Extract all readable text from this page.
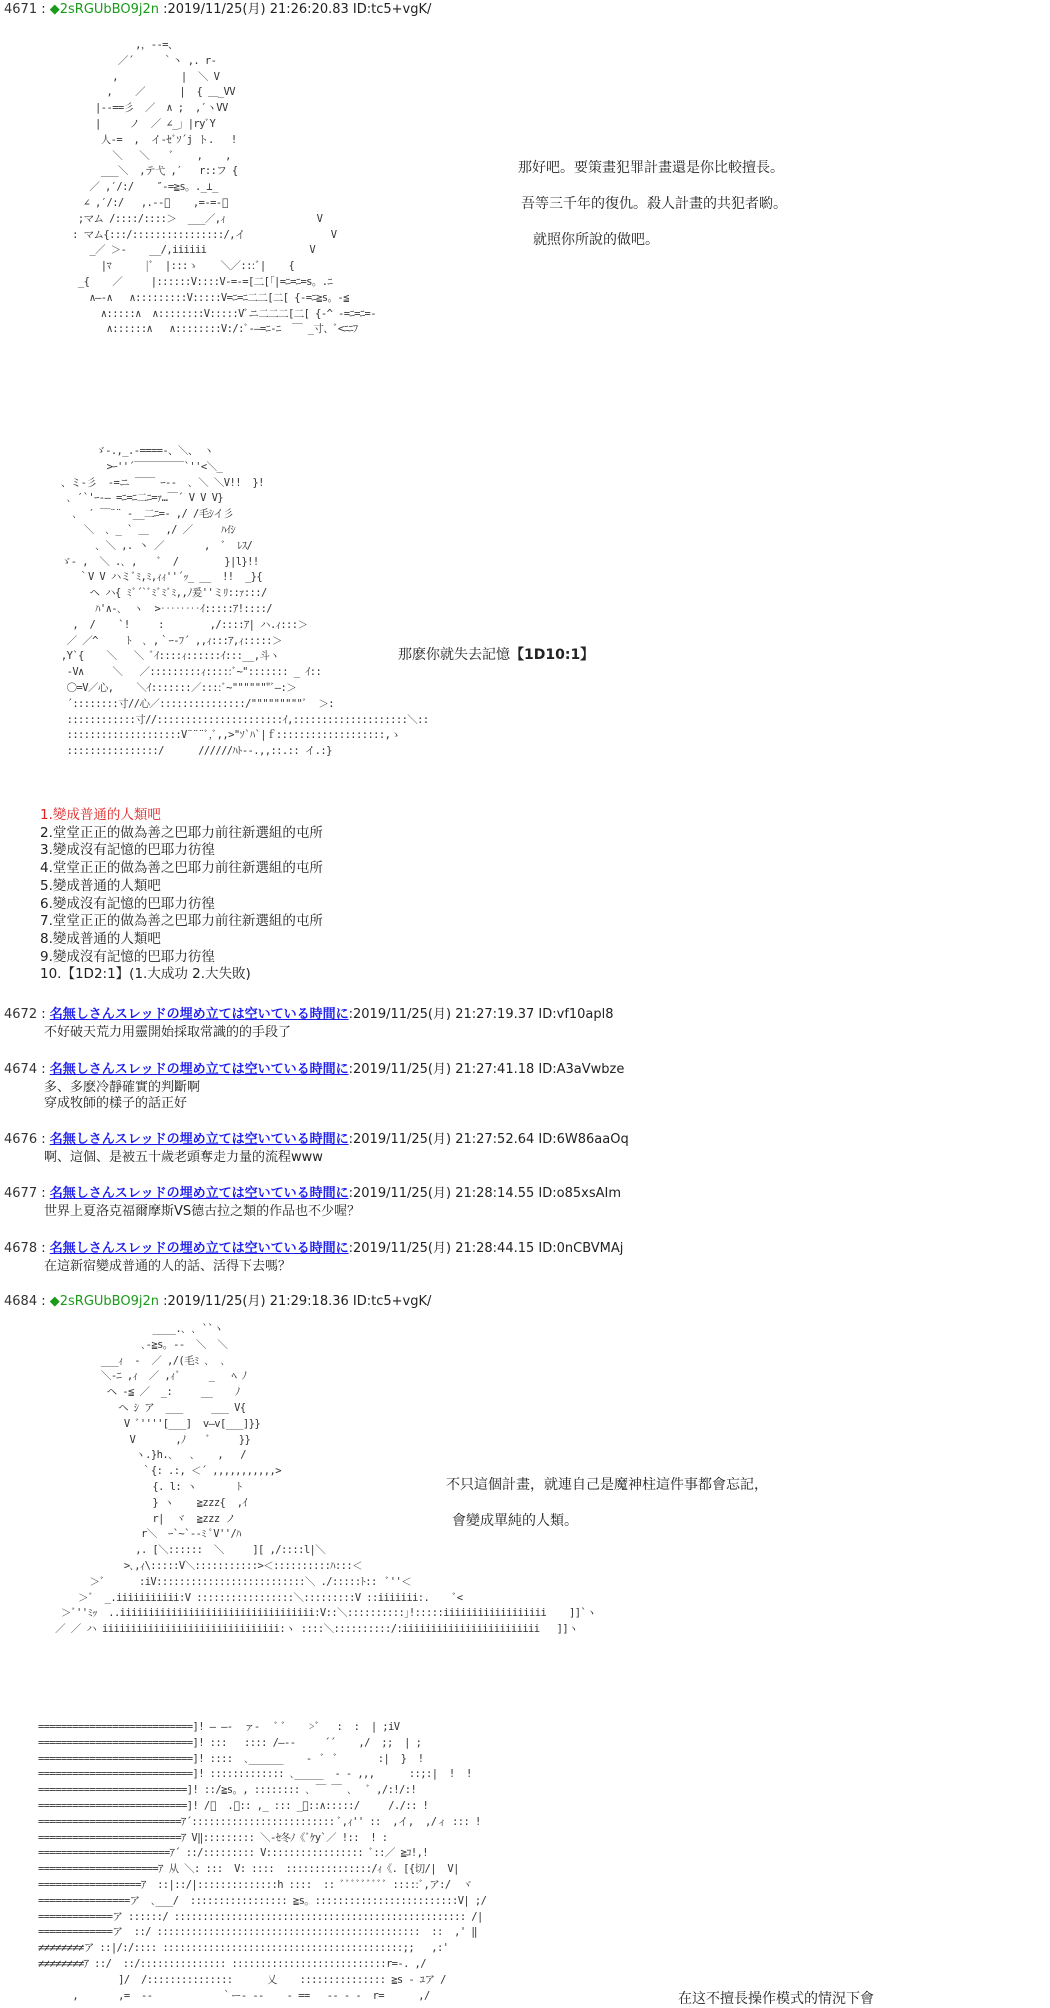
4671 : ◆2sRGUbBO9j2n :2019/11/25(月) 21:26:20.83 ID:tc5+vgK/
,，-‐=、
／´     ｀丶 ,. r‐
,           |  ＼ V
,    ／      |  { ＿_VV
|‐-==彡  ／  ∧ ;  ,′ヽVV
|     ノ  ／ ∠_」|ryﾞY
人-=  ,  イ-ｾﾞｿ´j ト.   !
＼   ＼    ﾞ    ,    ,
___＼  ,テ弋 ,′   r::フ {
／ ,′/:/    ″‐=≧s。._⊥_
∠ ,′/:/   ,.-‐ﾟ    ,=-=-ﾞ
;マム /::::/::::＞  ___／,ｨ                V
: マム{:::/::::::::::::::::/,イ               V
_／ ＞‐    __/,iiiiii                  V
|ﾏ      |ﾞ  |:::ゝ    ＼／:::ﾞ|    {
_{    ／     |::::::V::::V-=-=[二[「|=ﾆ=ﾆ=s。.ﾆ
∧―‐∧   ∧:::::::::V:::::V=ﾆ=ﾆ二二[二[ {-=ﾆ≧s。-≦
∧:::::∧  ∧::::::::V:::::Vﾞニ二二二[二[ {-^ -=ﾆ=ﾆ=-
∧::::::∧   ∧::::::::V:/:ﾞ‐―=ﾆ-ﾆ  ￣ _寸、ﾞ<ﾆﾆﾌ
那好吧。要策畫犯罪計畫還是你比較擅長。
吾等三千年的復仇。殺人計畫的共犯者喲。
就照你所說的做吧。
ゞ‐.,_.-====-、＼、 ヽ
>ｰ''´￣￣￣￣￣`''<＼_
、ミ‐彡  ‐=ニ ￣￣ ｰ‐-  ､ ＼ ＼V!!  }!
､ ′`'ｰ‐― =ﾆ=ﾆ二ﾆ=ｧ…￣´ V V V}
､  ′ ￣¨¨ ‐__二ﾆ=‐ ,/ /毛ｼイ彡
＼  ､ _ ` ＿   ,/ ／     ﾊｲｼ
､ ＼ ,. 丶 ／       ,  ﾞ  ﾚｽ/
ゞ‐ ,  ＼ .､ ,    ﾞ  /        }|l}!!
｀V V ハミﾞﾐ,ﾐ,ｨｨ''´ｯ_ __  !!  _}{
ヘ ハ{ ﾐﾞ´`ﾞﾐﾞﾐﾞﾐ,,ﾉ爰''ミﾘ::ｧ:::/
ﾊ'∧-､  ヽ  >‥‥‥‥ｲ:::::ｱ!::::/
,  /    `!     :        ,/::::ｱ| ハ.ｨ:::＞
／ ／^     ﾄ  ､ ,｀ｰ-ﾌ´ ,,ｨ:::ｱ,ｨ:::::＞
,Y`{    ＼   ＼ ﾞｲ::::ｨ::::::ｲ:::__,斗ヽ
-V∧     ＼   ／:::::::::ｨ:::::ﾞ~"::::::: _ ｲ::
〇=V／心,    ＼ｲ:::::::／::::ﾞ~"""""""ﾞ―:＞
´::::::::寸//心／:::::::::::::::/"""""""""ﾞ  ＞:
::::::::::::寸//::::::::::::::::::::::ｲ,::::::::::::::::::::＼::
::::::::::::::::::::V¨¨¨ﾞ,ﾞ,,>"ｿ`ﾊ`|ｆ:::::::::::::::::::,ゝ
::::::::::::::::/      //////ﾊﾄ‐-.,,::.:: イ.:}
那麽你就失去記憶【1D10:1】
1.變成普通的人類吧
2.堂堂正正的做為善之巴耶力前往新選組的屯所
3.變成沒有記憶的巴耶力彷徨
4.堂堂正正的做為善之巴耶力前往新選組的屯所
5.變成普通的人類吧
6.變成沒有記憶的巴耶力彷徨
7.堂堂正正的做為善之巴耶力前往新選組的屯所
8.變成普通的人類吧
9.變成沒有記憶的巴耶力彷徨
10.【1D2:1】(1.大成功 2.大失敗)
4672 : 名無しさんスレッドの埋め立ては空いている時間に:2019/11/25(月) 21:27:19.37 ID:vf10apl8
不好破天荒力用靈開始採取常識的的手段了
4674 : 名無しさんスレッドの埋め立ては空いている時間に:2019/11/25(月) 21:27:41.18 ID:A3aVwbze
多、多麽冷靜確實的判斷啊
穿成牧師的樣子的話正好
4676 : 名無しさんスレッドの埋め立ては空いている時間に:2019/11/25(月) 21:27:52.64 ID:6W86aaOq
啊、這個、是被五十歲老頭奪走力量的流程www
4677 : 名無しさんスレッドの埋め立ては空いている時間に:2019/11/25(月) 21:28:14.55 ID:o85xsAIm
世界上夏洛克福爾摩斯VS德古拉之類的作品也不少喔？
4678 : 名無しさんスレッドの埋め立ては空いている時間に:2019/11/25(月) 21:28:44.15 ID:0nCBVMAj
在這新宿變成普通的人的話、活得下去嗎？
4684 : ◆2sRGUbBO9j2n :2019/11/25(月) 21:29:18.36 ID:tc5+vgK/
____.､ ､ ``ヽ
､‐≧s｡ ‐‐  ＼  ＼
___ｨ  ‐  ／ ,/(毛ﾐ ､  ､
＼‐ﾆ ,ｨ  ／ ,ｨﾞ     _   ﾍ ﾉ
ヘ ‐≦ ／  _:     __    ﾉ
ヘ ｼ ア  ___     ___ V{
V ﾞ''''[___]  v―v[___]}}
V       ,ﾉ    ﾞ     }}
ヽ.}h.､   ､    ,   /
｀{: .:, ＜´ ,,,,,,,,,,,>
{. l: ヽ       ﾄ
} ヽ    ≧zzz{  ,ｲ
r|  ヾ  ≧zzz ノ
r＼  ｰ`~`‐-ﾐ ﾟV''/ﾊ
,. [＼::::::  ＼     ][ ,/::::l|＼
>､,ｨ\:::::V＼:::::::::::>＜::::::::::ﾊ:::＜
＞ﾞ      :iV::::::::::::::::::::::::::＼ ./:::::ﾄ::  ﾞ''＜
＞ﾞ  _.iiiiiiiiiii:V :::::::::::::::::＼:::::::::V ::iiiiiii:.    ﾞ<
＞ﾞ''ﾐｯ  ..iiiiiiiiiiiiiiiiiiiiiiiiiiiiiiiiii:V::＼::::::::::｣!:::::iiiiiiiiiiiiiiiiii    ]]`ヽ
／ ／ ハ iiiiiiiiiiiiiiiiiiiiiiiiiiiiiii:ヽ ::::＼::::::::::/:iiiiiiiiiiiiiiiiiiiiiiii   ]]ヽ
不只這個計畫，就連自己是魔神柱這件事都會忘記，
會變成單純的人類。
===========================]! ― ―-  ァ‐   ﾞ ﾞ    >ﾞ   :  :  | ;iV
===========================]! :::   :::: /―‐‐     ´´    ,/  ;;  | ;
===========================]! ::::  ､______    ‐  ﾞ  ﾞ       :|  }  !
===========================]! ::::::::::::: ､_____  ‐ ‐ ,,,      ::;:|  !  !
==========================]! ::/≧s。, :::::::: ､ ￣ ￣ ､   ﾞ ,/:!/:!
==========================]! /ﾞ  .ﾟ:: ,_ ::: _＼::∧:::::/     /./:: !
=========================ｱ´::::::::::::::::::::::::: ﾞ,ｨ'' ::  ,イ,  ,/ィ ::: !
=========================ｱ V‖::::::::: ＼‐ｾ冬ﾉ《ﾞｹy`／ !::  ! :
=======================ｱ´ ::/::::::::: V::::::::::::::::: ﾞ::／ ≧ｺ!,!
=====================ｱ 从 ＼: :::  V: ::::  :::::::::::::::/ｨ《. [{切/|  V|
==================ｱ  ::|::/|::::::::::::::h ::::  :: ﾞﾞﾞﾞﾞﾞﾞﾞﾞ :::::ﾞ,ア:/  ヾ
================ア  ､___/  ::::::::::::::::: ≧s｡ :::::::::::::::::::::::::V| ;/
=============ア ::::::/ ::::::::::::::::::::::::::::::::::::::::::::::::::: /|
=============ア  ::/ ::::::::::::::::::::::::::::::::::::::::::::::  ::  ,' ‖
≠≠≠≠≠≠≠≠ア ::|/:/:::: ::::::::::::::::::::::::::::::::::::::::::;;   ,:'
≠≠≠≠≠≠≠≠ｱ ::/  ::/::::::::::::::: :::::::::::::::::::::::::::r=‐. ,/
]/  /:::::::::::::::      乂    ::::::::::::::: ≧s ‐ ﾕア /
,       ,=  ‐‐            ｀ー‐ ‐‐    ‐ ==   ‐‐ ‐ ‐  r=      ,/	在这不擅長操作模式的情況下會
